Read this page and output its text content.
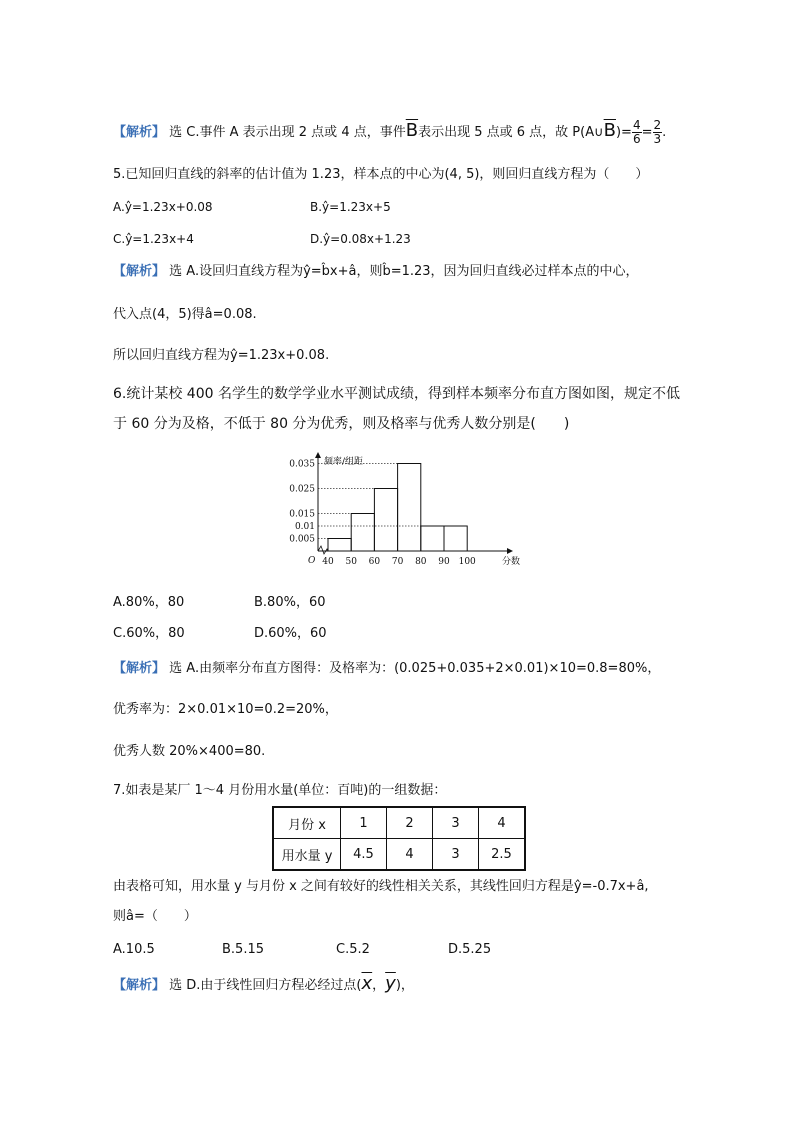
【解析】 选 C.事件 A 表示出现 2 点或 4 点，事件$\overline{B}$表示出现 5 点或 6 点，故 $P(A\cup\overline{B})= \frac{4}{6} = \frac{2}{3}$ .
5.已知回归直线的斜率的估计值为 1.23，样本点的中心为(4, 5)，则回归直线方程为（　　）
A.ŷ=1.23x+0.08	B.ŷ=1.23x+5
C.ŷ=1.23x+4	D.ŷ=0.08x+1.23
【解析】 选 A.设回归直线方程为ŷ=b̂x+â，则b̂=1.23，因为回归直线必过样本点的中心，
代入点(4，5)得â=0.08.
所以回归直线方程为ŷ=1.23x+0.08.
6.统计某校 400 名学生的数学学业水平测试成绩，得到样本频率分布直方图如图，规定不低
于 60 分为及格，不低于 80 分为优秀，则及格率与优秀人数分别是(　　)
0.035
0.025
0.015
0.01
0.005
40 50 60 70 80 90 100
O	分数
频率/组距
A.80%，80	B.80%，60
C.60%，80	D.60%，60
【解析】 选 A.由频率分布直方图得：及格率为：(0.025+0.035+2×0.01)×10=0.8=80%，
优秀率为：2×0.01×10=0.2=20%，
优秀人数 20%×400=80.
7.如表是某厂 1～4 月份用水量(单位：百吨)的一组数据：
月份 x	1	2	3	4
用水量 y	4.5	4	3	2.5
由表格可知，用水量 y 与月份 x 之间有较好的线性相关关系，其线性回归方程是ŷ=-0.7x+â,
则â=（　　）
A.10.5	B.5.15	C.5.2	D.5.25
【解析】 选 D.由于线性回归方程必经过点($\overline{x}$，$\overline{y}$)，
